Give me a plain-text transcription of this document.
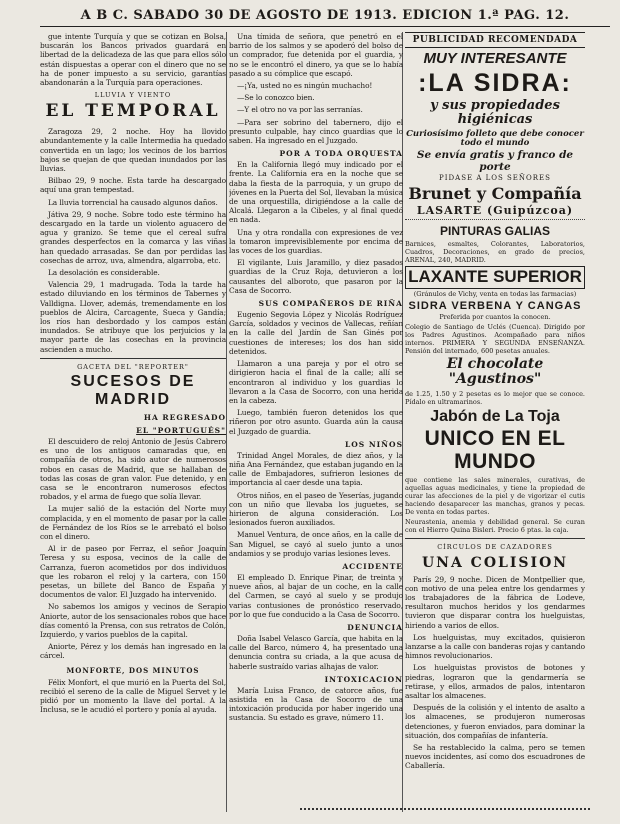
A B C. SABADO 30 DE AGOSTO DE 1913. EDICION 1.ª PAG. 12.

gue intente Turquía y que se cotizan en Bolsa, buscarán los Bancos privados guardará en libertad de la delicadeza de las que para ellos sólo están dispuestas a operar con el dinero que no se ha de poner impuesto a su servicio, garantías abandonarán a la Turquía para operaciones.

LLUVIA Y VIENTO
EL TEMPORAL

Zaragoza 29, 2 noche. Hoy ha llovido abundantemente y la calle Intermedia ha quedado convertida en un lago; los vecinos de los barrios bajos se quejan de que quedan inundados por las lluvias.

Bilbao 29, 9 noche. Esta tarde ha descargado aquí una gran tempestad.

La lluvia torrencial ha causado algunos daños.

Játiva 29, 9 noche. Sobre todo este término ha descargado en la tarde un violento aguacero de agua y granizo. Se teme que el cereal sufra grandes desperfectos en la comarca y las viñas han quedado arrasadas. Se dan por perdidas las cosechas de arroz, uva, almendra, algarroba, etc.

La desolación es considerable.

Valencia 29, 1 madrugada. Toda la tarde ha estado diluviando en los términos de Tabernes y Valldigna. Llover, además, tremendamente en los pueblos de Alcira, Carcagente, Sueca y Gandía; los ríos han desbordado y los campos están inundados. Se atribuye que los perjuicios y la mayor parte de las cosechas en la provincia ascienden a mucho.

GACETA DEL "REPORTER"
SUCESOS DE MADRID
HA REGRESADO
EL "PORTUGUÉS"

El descuidero de reloj Antonio de Jesús Cabrero es uno de los antiguos camaradas que, en compañía de otros, ha sido autor de numerosos robos en casas de Madrid, que se hallaban de todas las cosas de gran valor. Fue detenido, y en casa se le encontraron numerosos efectos robados, y el arma de fuego que solía llevar.

La mujer salió de la estación del Norte muy complacida, y en el momento de pasar por la calle de Fernández de los Ríos se le arrebató el bolso con el dinero.

Al ir de paseo por Ferraz, el señor Joaquín Teresa y su esposa, vecinos de la calle de Carranza, fueron acometidos por dos individuos que les robaron el reloj y la cartera, con 150 pesetas, un billete del Banco de España y documentos de valor. El Juzgado ha intervenido.

No sabemos los amigos y vecinos de Serapio Aniorte, autor de los sensacionales robos que hace días comentó la Prensa, con sus retratos de Colón, Izquierdo, y varios pueblos de la capital.

Aniorte, Pérez y los demás han ingresado en la cárcel.

MONFORTE, DOS MINUTOS

Félix Monfort, el que murió en la Puerta del Sol, recibió el sereno de la calle de Miguel Servet y le pidió por un momento la llave del portal. A la Inclusa, se le acudió el portero y ponía al ayuda.

Una tímida de señora, que penetró en el barrio de los salmos y se apoderó del bolso de un comprador, fue detenida por el guardia, y no se le encontró el dinero, ya que se lo había pasado a su cómplice que escapó.

—¡Ya, usted no es ningún muchacho!

—Se lo conozco bien.

—Y el otro no va por las serranías.

—Para ser sobrino del tabernero, dijo el presunto culpable, hay cinco guardias que lo saben. Ha ingresado en el Juzgado.

POR A TODA ORQUESTA

En la California llegó muy indicado por el frente. La California era en la noche que se daba la fiesta de la parroquia, y un grupo de jóvenes en la Puerta del Sol, llevaban la música de una orquestilla, dirigiéndose a la calle de Alcalá. Llegaron a la Cibeles, y al final quedó en nada.

Una y otra rondalla con expresiones de vez la tomaron imprevisiblemente por encima de las voces de los guardias.

El vigilante, Luis Jaramillo, y diez pasados guardias de la Cruz Roja, detuvieron a los causantes del alboroto, que pasaron por la Casa de Socorro.

SUS COMPAÑEROS DE RIÑA

Eugenio Segovia López y Nicolás Rodríguez García, soldados y vecinos de Vallecas, reñían en la calle del Jardín de San Ginés por cuestiones de intereses; los dos han sido detenidos.

Llamaron a una pareja y por el otro se dirigieron hacia el final de la calle; allí se encontraron al individuo y los guardias lo llevaron a la Casa de Socorro, con una herida en la cabeza.

Luego, también fueron detenidos los que riñeron por otro asunto. Guarda aún la causa el Juzgado de guardia.

LOS NIÑOS

Trinidad Angel Morales, de diez años, y la niña Ana Fernández, que estaban jugando en la calle de Embajadores, sufrieron lesiones de importancia al caer desde una tapia.

Otros niños, en el paseo de Yeserías, jugando con un niño que llevaba los juguetes, se hirieron de alguna consideración. Los lesionados fueron auxiliados.

Manuel Ventura, de once años, en la calle de San Miguel, se cayó al suelo junto a unos andamios y se produjo varias lesiones leves.

ACCIDENTE

El empleado D. Enrique Pinar, de treinta y nueve años, al bajar de un coche, en la calle del Carmen, se cayó al suelo y se produjo varias contusiones de pronóstico reservado, por lo que fue conducido a la Casa de Socorro.

DENUNCIA

Doña Isabel Velasco García, que habita en la calle del Barco, número 4, ha presentado una denuncia contra su criada, a la que acusa de haberle sustraído varias alhajas de valor.

INTOXICACION

María Luisa Franco, de catorce años, fue asistida en la Casa de Socorro de una intoxicación producida por haber ingerido una sustancia. Su estado es grave, número 11.

PUBLICIDAD RECOMENDADA
MUY INTERESANTE
:LA SIDRA:
y sus propiedades higiénicas
Curiosísimo folleto que debe conocer todo el mundo
Se envía gratis y franco de porte
PIDASE A LOS SEÑORES
Brunet y Compañía
LASARTE (Guipúzcoa)
PINTURAS GALIAS
Barnices, esmaltes, Colorantes, Laboratorios, Cuadros, Decoraciones, en grado de precios, ARENAL, 240, MADRID.
LAXANTE SUPERIOR
(Gránulos de Vichy, venta en todas las farmacias)
SIDRA VERBENA Y CANGAS
Preferida por cuantos la conocen.
Colegio de Santiago de Uclés (Cuenca). Dirigido por los Padres Agustinos. Acompañado para niños internos. PRIMERA Y SEGUNDA ENSEÑANZA. Pensión del internado, 600 pesetas anuales.
El chocolate "Agustinos"
de 1.25, 1.50 y 2 pesetas es lo mejor que se conoce. Pídalo en ultramarinos.
Jabón de La Toja
UNICO EN EL MUNDO
que contiene las sales minerales, curativas, de aquellas aguas medicinales, y tiene la propiedad de curar las afecciones de la piel y de vigorizar el cutis haciendo desaparecer las manchas, granos y pecas. De venta en todas partes.
Neurastenia, anemia y debilidad general. Se curan con el Hierro Quina Bisleri. Precio 6 ptas. la caja.
CÍRCULOS DE CAZADORES
UNA COLISION

París 29, 9 noche. Dicen de Montpellier que, con motivo de una pelea entre los gendarmes y los trabajadores de la fábrica de Lodeve, resultaron muchos heridos y los gendarmes tuvieron que disparar contra los huelguistas, hiriendo a varios de ellos.

Los huelguistas, muy excitados, quisieron lanzarse a la calle con banderas rojas y cantando himnos revolucionarios.

Los huelguistas provistos de botones y piedras, lograron que la gendarmería se retirase, y ellos, armados de palos, intentaron asaltar los almacenes.

Después de la colisión y el intento de asalto a los almacenes, se produjeron numerosas detenciones, y fueron enviados, para dominar la situación, dos compañías de infantería.

Se ha restablecido la calma, pero se temen nuevos incidentes, así como dos escuadrones de Caballería.
